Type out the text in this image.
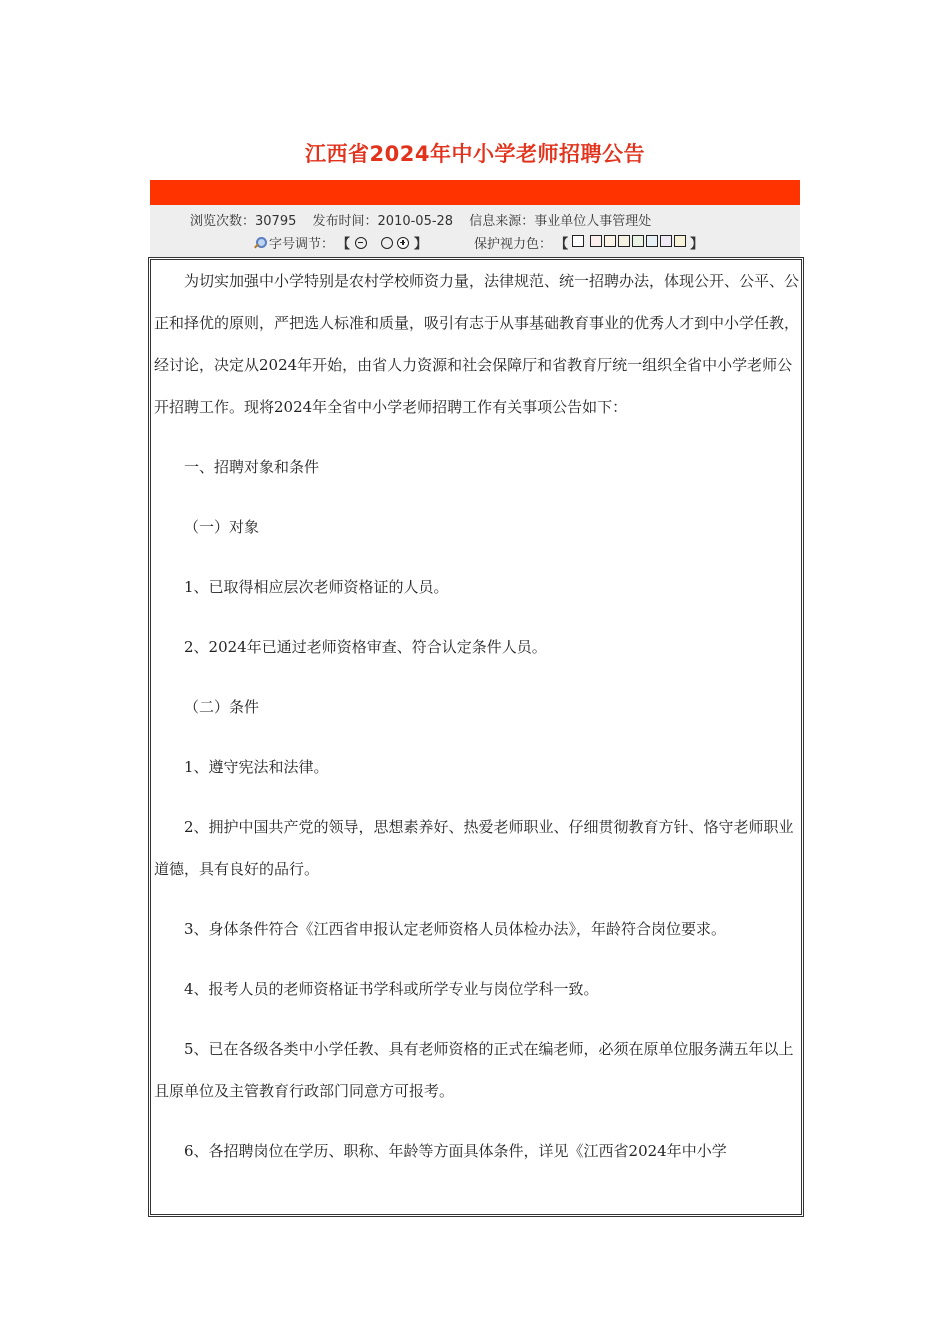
江西省2024年中小学老师招聘公告
浏览次数：30795 发布时间：2010-05-28 信息来源：事业单位人事管理处
字号调节： 【	】	保护视力色： 【	】

为切实加强中小学特别是农村学校师资力量，法律规范、统一招聘办法，体现公开、公平、公正和择优的原则，严把选人标准和质量，吸引有志于从事基础教育事业的优秀人才到中小学任教，经讨论，决定从2024年开始，由省人力资源和社会保障厅和省教育厅统一组织全省中小学老师公开招聘工作。现将2024年全省中小学老师招聘工作有关事项公告如下：

一、招聘对象和条件

（一）对象

1、已取得相应层次老师资格证的人员。

2、2024年已通过老师资格审查、符合认定条件人员。

（二）条件

1、遵守宪法和法律。

2、拥护中国共产党的领导，思想素养好、热爱老师职业、仔细贯彻教育方针、恪守老师职业道德，具有良好的品行。

3、身体条件符合《江西省申报认定老师资格人员体检办法》，年龄符合岗位要求。

4、报考人员的老师资格证书学科或所学专业与岗位学科一致。

5、已在各级各类中小学任教、具有老师资格的正式在编老师，必须在原单位服务满五年以上且原单位及主管教育行政部门同意方可报考。

6、各招聘岗位在学历、职称、年龄等方面具体条件，详见《江西省2024年中小学
